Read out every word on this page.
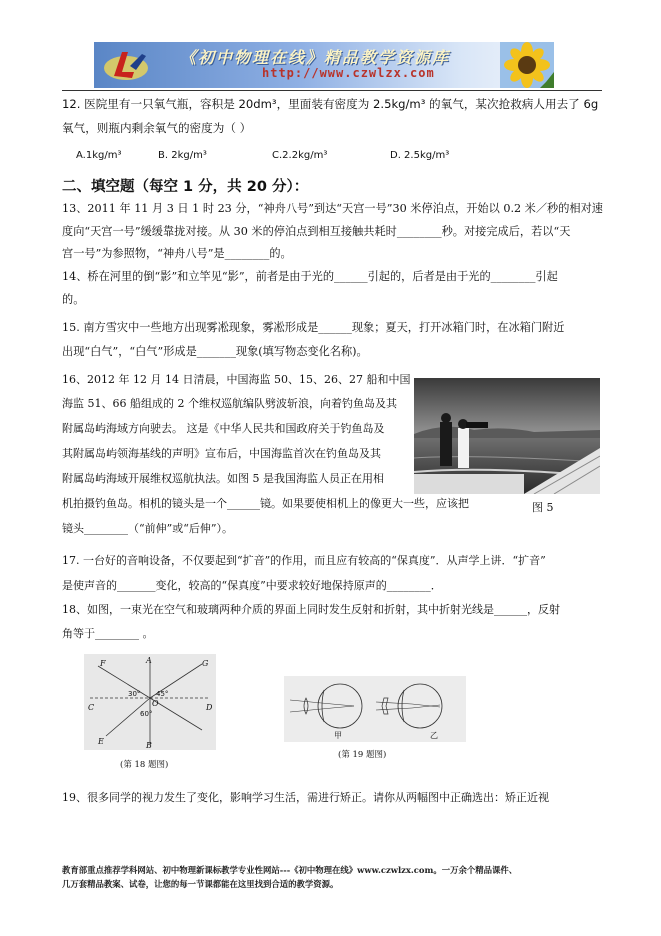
《初中物理在线》精品教学资源库
http://www.czwlzx.com
12. 医院里有一只氧气瓶，容积是 20dm³，里面装有密度为 2.5kg/m³ 的氧气，某次抢救病人用去了 6g
氧气，则瓶内剩余氧气的密度为（ ）
A.1kg/m³	B. 2kg/m³	C.2.2kg/m³	D. 2.5kg/m³
二、填空题（每空 1 分，共 20 分）：
13、2011 年 11 月 3 日 1 时 23 分，“神舟八号”到达“天宫一号”30 米停泊点，开始以 0.2 米／秒的相对速
度向“天宫一号”缓缓靠拢对接。从 30 米的停泊点到相互接触共耗时________秒。对接完成后，若以“天
宫一号”为参照物，“神舟八号”是________的。
14、桥在河里的倒“影”和立竿见“影”，前者是由于光的______引起的，后者是由于光的________引起
的。
15. 南方雪灾中一些地方出现雾凇现象，雾凇形成是______现象；夏天，打开冰箱门时，在冰箱门附近
出现“白气”，“白气”形成是_______现象(填写物态变化名称)。
16、2012 年 12 月 14 日清晨，中国海监 50、15、26、27 船和中国
海监 51、66 船组成的 2 个维权巡航编队劈波斩浪，向着钓鱼岛及其
附属岛屿海域方向驶去。 这是《中华人民共和国政府关于钓鱼岛及
其附属岛屿领海基线的声明》宣布后，中国海监首次在钓鱼岛及其
附属岛屿海域开展维权巡航执法。如图 5 是我国海监人员正在用相
机拍摄钓鱼岛。相机的镜头是一个______镜。如果要使相机上的像更大一些，应该把	图 5
镜头________（“前伸”或“后伸”）。
17. 一台好的音响设备，不仅要起到“扩音”的作用，而且应有较高的“保真度”．从声学上讲．“扩音”
是使声音的_______变化，较高的“保真度”中要求较好地保持原声的________．
18、如图，一束光在空气和玻璃两种介质的界面上同时发生反射和折射，其中折射光线是______，反射
角等于________ 。
F	A	G
C	O	D
E	B
30° 45°
60°
(第 18 题图)
甲	乙
(第 19 题图)
19、很多同学的视力发生了变化，影响学习生活，需进行矫正。请你从两幅图中正确选出：矫正近视
教育部重点推荐学科网站、初中物理新课标教学专业性网站---《初中物理在线》www.czwlzx.com。一万余个精品课件、
几万套精品教案、试卷，让您的每一节课都能在这里找到合适的教学资源。
